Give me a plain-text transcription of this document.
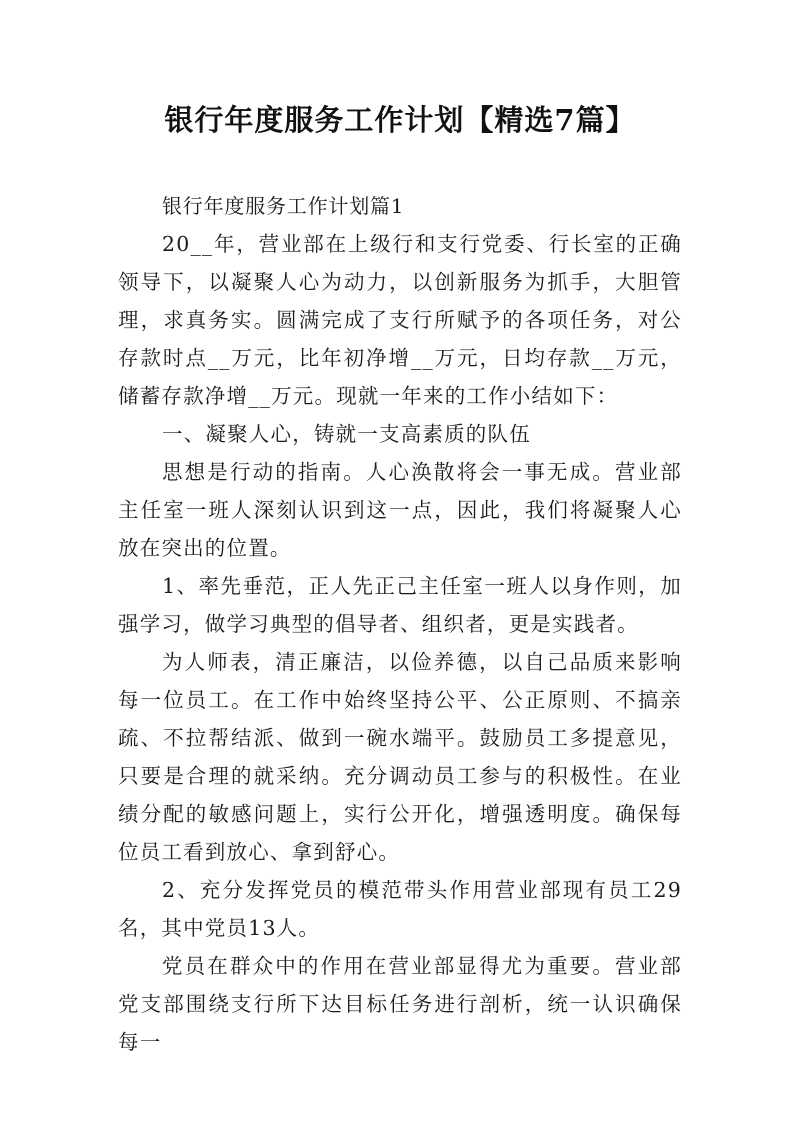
银行年度服务工作计划【精选7篇】

银行年度服务工作计划篇1

20__年，营业部在上级行和支行党委、行长室的正确领导下，以凝聚人心为动力，以创新服务为抓手，大胆管理，求真务实。圆满完成了支行所赋予的各项任务，对公存款时点__万元，比年初净增__万元，日均存款__万元，储蓄存款净增__万元。现就一年来的工作小结如下：

一、凝聚人心，铸就一支高素质的队伍

思想是行动的指南。人心涣散将会一事无成。营业部主任室一班人深刻认识到这一点，因此，我们将凝聚人心放在突出的位置。

1、率先垂范，正人先正己主任室一班人以身作则，加强学习，做学习典型的倡导者、组织者，更是实践者。

为人师表，清正廉洁，以俭养德，以自己品质来影响每一位员工。在工作中始终坚持公平、公正原则、不搞亲疏、不拉帮结派、做到一碗水端平。鼓励员工多提意见，只要是合理的就采纳。充分调动员工参与的积极性。在业绩分配的敏感问题上，实行公开化，增强透明度。确保每位员工看到放心、拿到舒心。

2、充分发挥党员的模范带头作用营业部现有员工29名，其中党员13人。

党员在群众中的作用在营业部显得尤为重要。营业部党支部围绕支行所下达目标任务进行剖析，统一认识确保每一
